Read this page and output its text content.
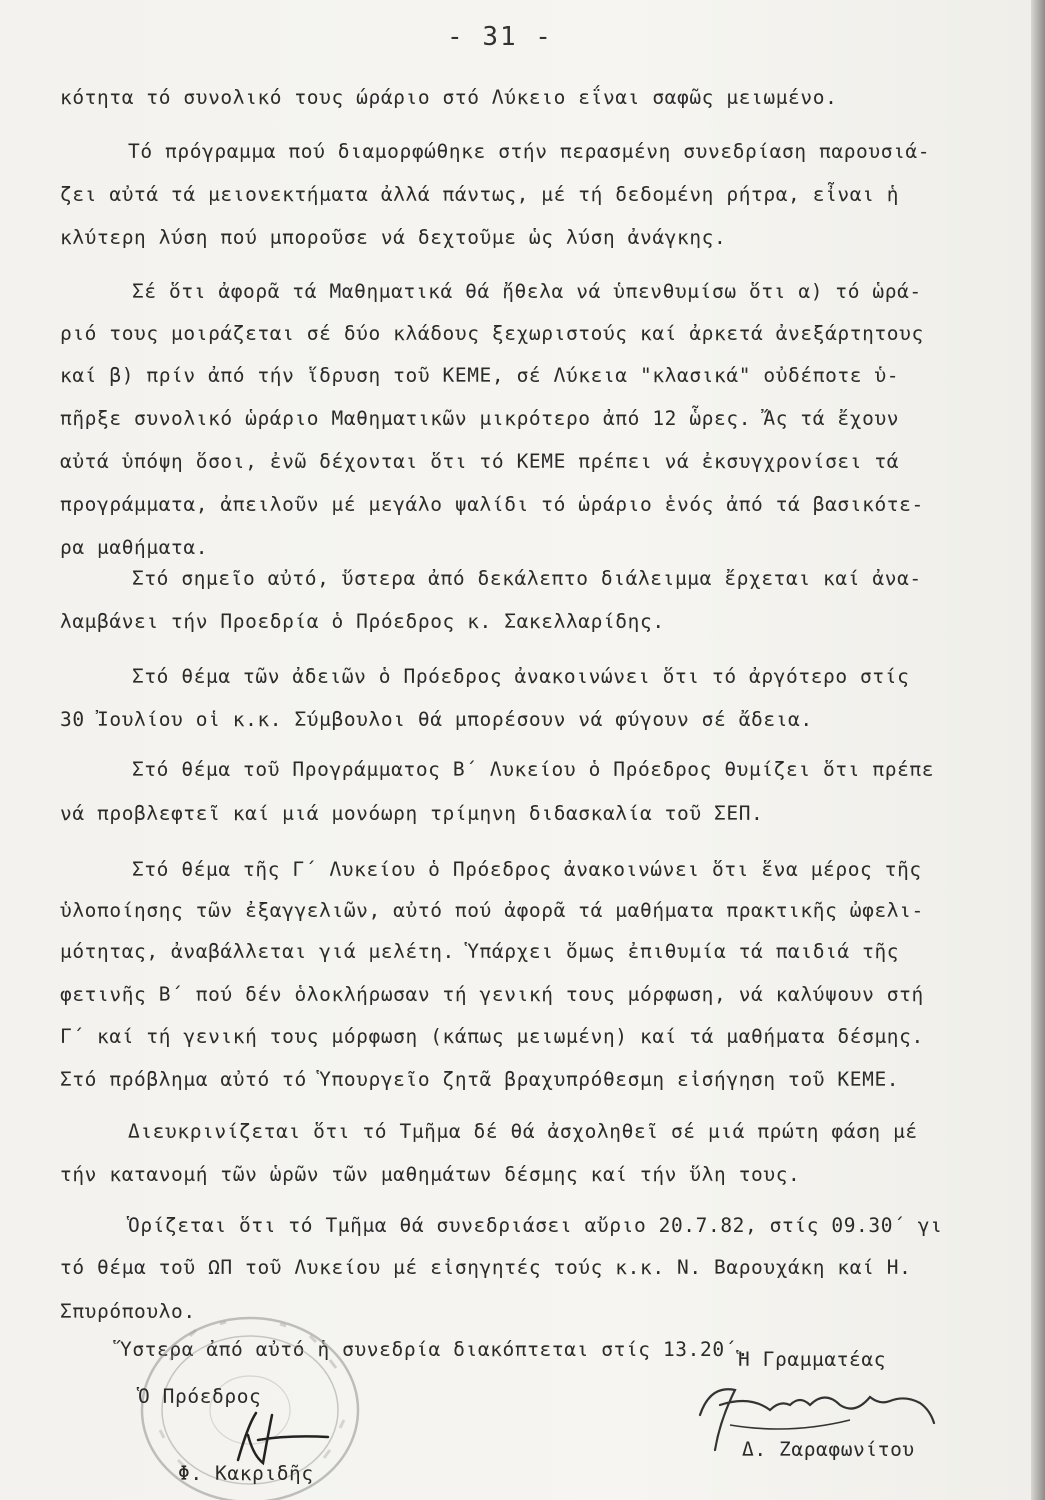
- 31 -
κότητα τό συνολικό τους ώράριο στό Λύκειο εΐναι σαφῶς μειωμένο.
Τό πρόγραμμα πού διαμορφώθηκε στήν περασμένη συνεδρίαση παρουσιά-
ζει αὐτά τά μειονεκτήματα ἀλλά πάντως, μέ τή δεδομένη ρήτρα, εἶναι ἡ
κλύτερη λύση πού μποροῦσε νά δεχτοῦμε ὡς λύση ἀνάγκης.
Σέ ὅτι ἀφορᾶ τά Μαθηματικά θά ἤθελα νά ὑπενθυμίσω ὅτι α) τό ὡρά-
ριό τους μοιράζεται σέ δύο κλάδους ξεχωριστούς καί ἀρκετά ἀνεξάρτητους
καί β) πρίν ἀπό τήν ἵδρυση τοῦ ΚΕΜΕ, σέ Λύκεια "κλασικά" οὐδέποτε ὑ-
πῆρξε συνολικό ὡράριο Μαθηματικῶν μικρότερο ἀπό 12 ὧρες. Ἄς τά ἔχουν
αὐτά ὑπόψη ὅσοι, ἐνῶ δέχονται ὅτι τό ΚΕΜΕ πρέπει νά ἐκσυγχρονίσει τά
προγράμματα, ἀπειλοῦν μέ μεγάλο ψαλίδι τό ὡράριο ἑνός ἀπό τά βασικότε-
ρα μαθήματα.
Στό σημεῖο αὐτό, ὕστερα ἀπό δεκάλεπτο διάλειμμα ἔρχεται καί ἀνα-
λαμβάνει τήν Προεδρία ὁ Πρόεδρος κ. Σακελλαρίδης.
Στό θέμα τῶν ἀδειῶν ὁ Πρόεδρος ἀνακοινώνει ὅτι τό ἀργότερο στίς
30 Ἰουλίου οἱ κ.κ. Σύμβουλοι θά μπορέσουν νά φύγουν σέ ἄδεια.
Στό θέμα τοῦ Προγράμματος Β΄ Λυκείου ὁ Πρόεδρος θυμίζει ὅτι πρέπε
νά προβλεφτεῖ καί μιά μονόωρη τρίμηνη διδασκαλία τοῦ ΣΕΠ.
Στό θέμα τῆς Γ΄ Λυκείου ὁ Πρόεδρος ἀνακοινώνει ὅτι ἕνα μέρος τῆς
ὑλοποίησης τῶν ἐξαγγελιῶν, αὐτό πού ἀφορᾶ τά μαθήματα πρακτικῆς ὠφελι-
μότητας, ἀναβάλλεται γιά μελέτη. Ὑπάρχει ὅμως ἐπιθυμία τά παιδιά τῆς
φετινῆς Β΄ πού δέν ὁλοκλήρωσαν τή γενική τους μόρφωση, νά καλύψουν στή
Γ΄ καί τή γενική τους μόρφωση (κάπως μειωμένη) καί τά μαθήματα δέσμης.
Στό πρόβλημα αὐτό τό Ὑπουργεῖο ζητᾶ βραχυπρόθεσμη εἰσήγηση τοῦ ΚΕΜΕ.
Διευκρινίζεται ὅτι τό Τμῆμα δέ θά ἀσχοληθεῖ σέ μιά πρώτη φάση μέ
τήν κατανομή τῶν ὡρῶν τῶν μαθημάτων δέσμης καί τήν ὕλη τους.
Ὁρίζεται ὅτι τό Τμῆμα θά συνεδριάσει αὔριο 20.7.82, στίς 09.30΄ γι
τό θέμα τοῦ ΩΠ τοῦ Λυκείου μέ εἰσηγητές τούς κ.κ. Ν. Βαρουχάκη καί Η.
Σπυρόπουλο.
Ὕστερα ἀπό αὐτό ἡ συνεδρία διακόπτεται στίς 13.20΄.
Ὁ Πρόεδρος
Φ. Κακριδῆς
Ἡ Γραμματέας
Δ. Ζαραφωνίτου
